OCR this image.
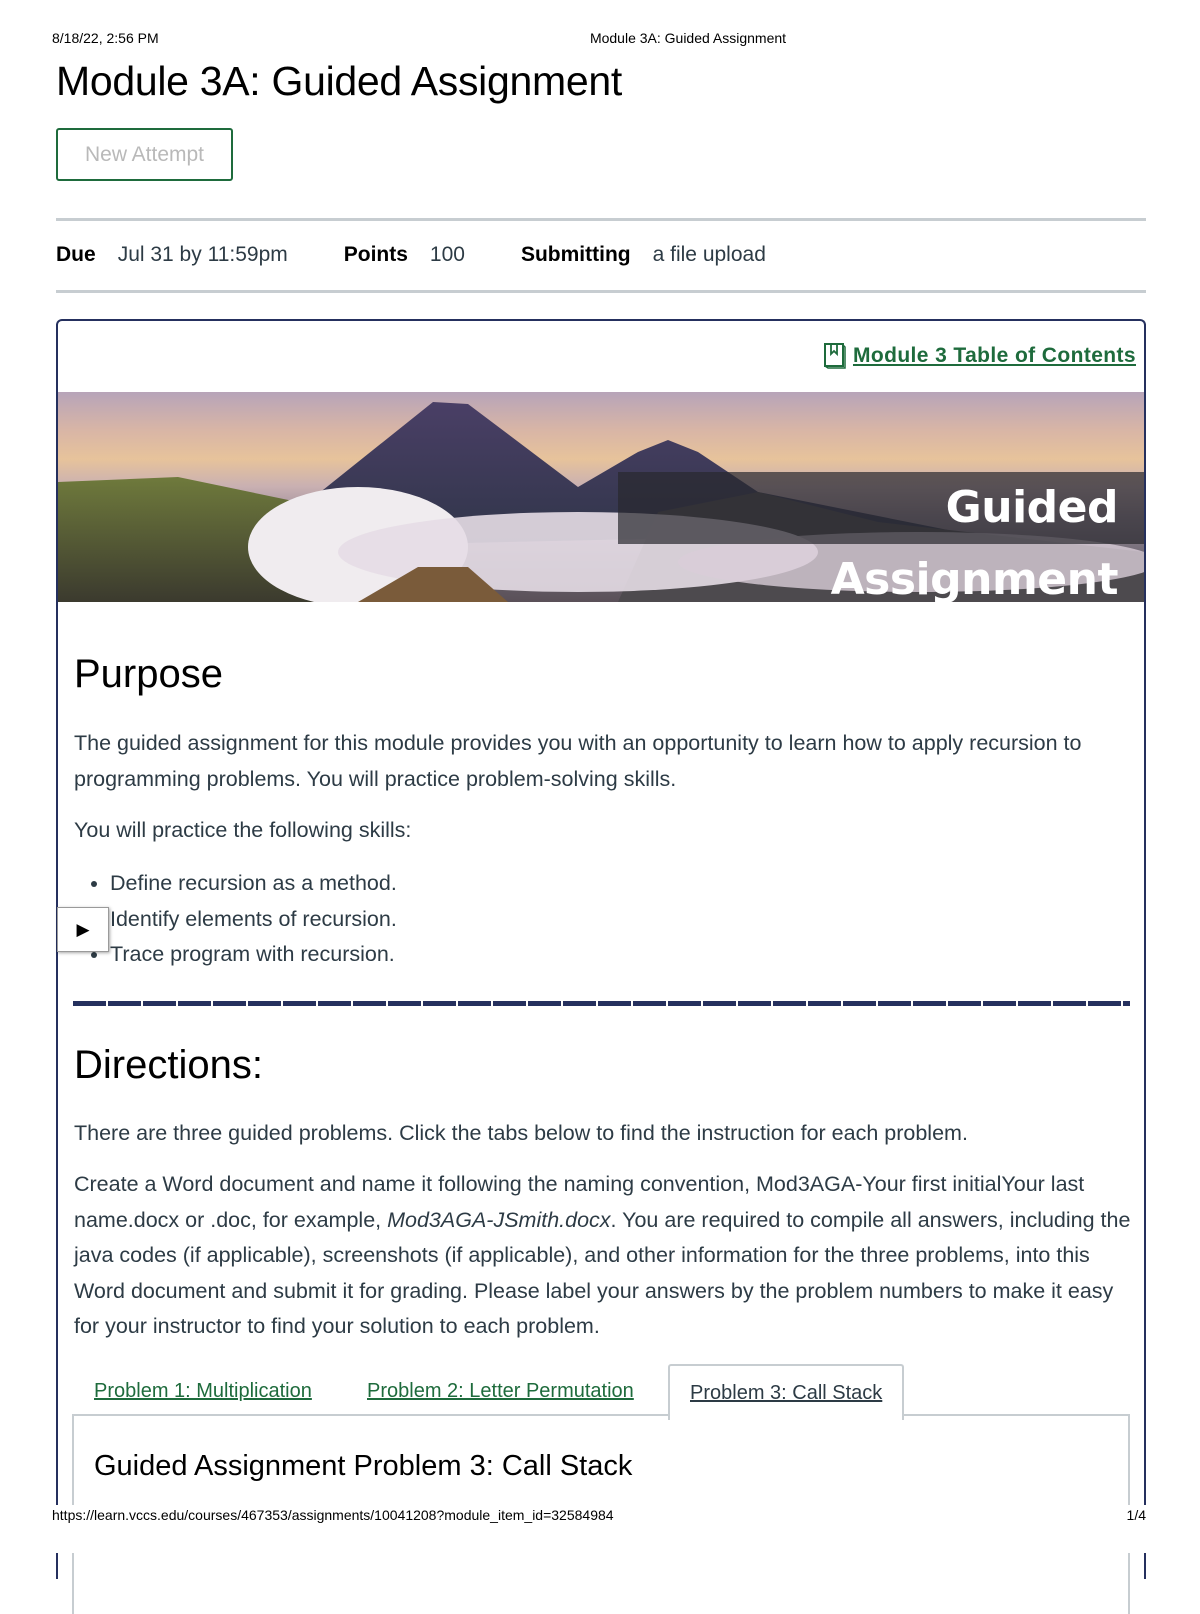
8/18/22, 2:56 PM	Module 3A: Guided Assignment
Module 3A: Guided Assignment
New Attempt
Due Jul 31 by 11:59pm	Points 100	Submitting a file upload
Module 3 Table of Contents
Guided Assignment
Purpose

The guided assignment for this module provides you with an opportunity to learn how to apply recursion to programming problems. You will practice problem-solving skills.

You will practice the following skills:

• Define recursion as a method.
• Identify elements of recursion.
• Trace program with recursion.
▶
Directions:

There are three guided problems. Click the tabs below to find the instruction for each problem.

Create a Word document and name it following the naming convention, Mod3AGA-Your first initialYour last name.docx or .doc, for example, Mod3AGA-JSmith.docx. You are required to compile all answers, including the java codes (if applicable), screenshots (if applicable), and other information for the three problems, into this Word document and submit it for grading. Please label your answers by the problem numbers to make it easy for your instructor to find your solution to each problem.

Problem 1: Multiplication	Problem 2: Letter Permutation	Problem 3: Call Stack
Guided Assignment Problem 3: Call Stack
https://learn.vccs.edu/courses/467353/assignments/10041208?module_item_id=32584984	1/4
